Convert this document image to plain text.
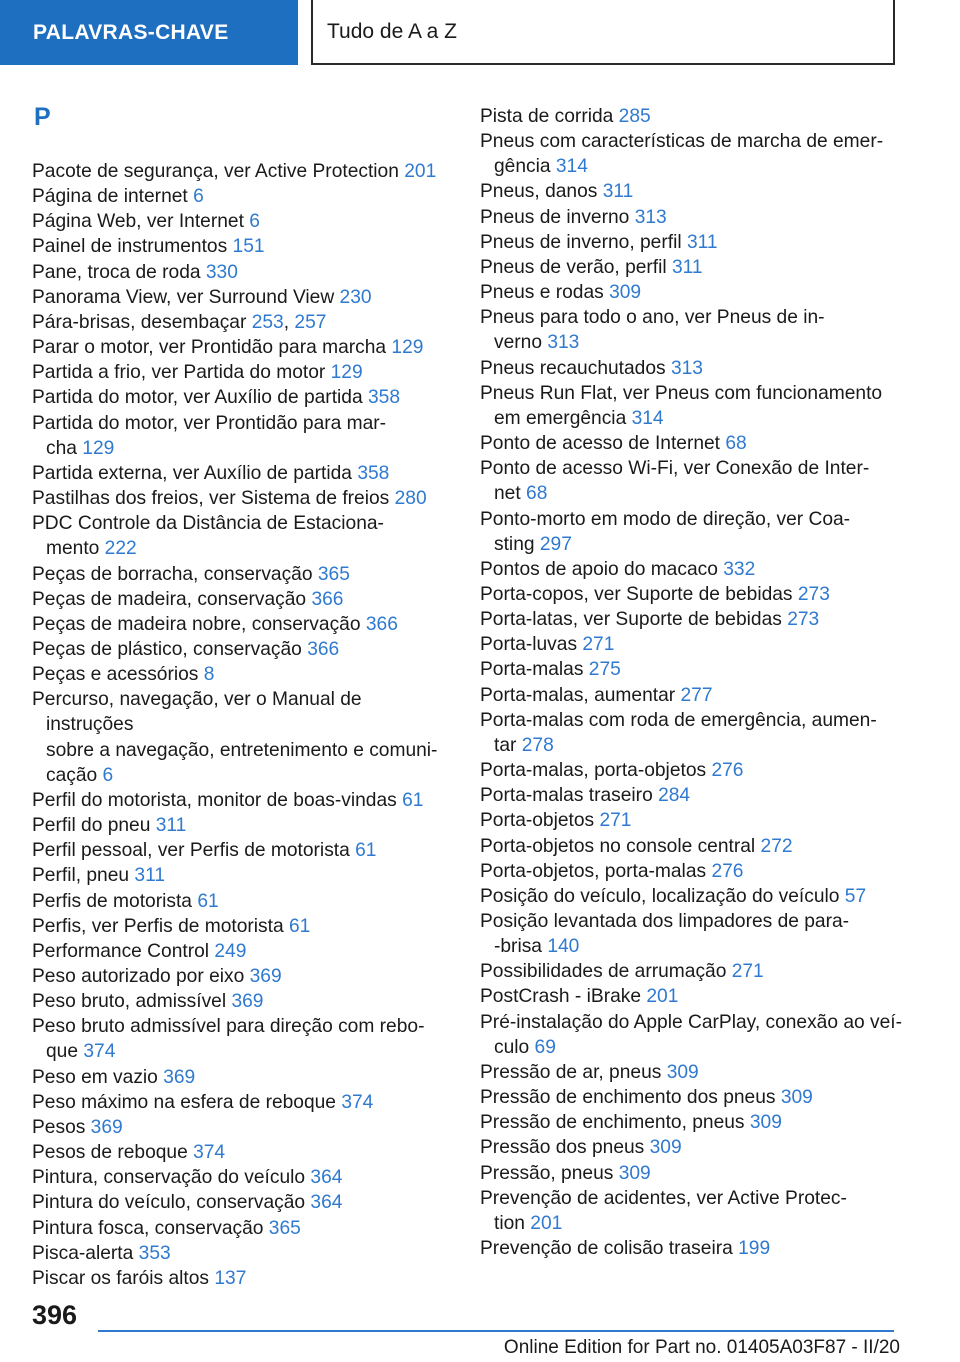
PALAVRAS-CHAVE	Tudo de A a Z
P
Pacote de segurança, ver Active Protection 201
Página de internet 6
Página Web, ver Internet 6
Painel de instrumentos 151
Pane, troca de roda 330
Panorama View, ver Surround View 230
Pára-brisas, desembaçar 253, 257
Parar o motor, ver Prontidão para marcha 129
Partida a frio, ver Partida do motor 129
Partida do motor, ver Auxílio de partida 358
Partida do motor, ver Prontidão para mar-
cha 129
Partida externa, ver Auxílio de partida 358
Pastilhas dos freios, ver Sistema de freios 280
PDC Controle da Distância de Estaciona-
mento 222
Peças de borracha, conservação 365
Peças de madeira, conservação 366
Peças de madeira nobre, conservação 366
Peças de plástico, conservação 366
Peças e acessórios 8
Percurso, navegação, ver o Manual de instruções
sobre a navegação, entretenimento e comuni-
cação 6
Perfil do motorista, monitor de boas-vindas 61
Perfil do pneu 311
Perfil pessoal, ver Perfis de motorista 61
Perfil, pneu 311
Perfis de motorista 61
Perfis, ver Perfis de motorista 61
Performance Control 249
Peso autorizado por eixo 369
Peso bruto, admissível 369
Peso bruto admissível para direção com rebo-
que 374
Peso em vazio 369
Peso máximo na esfera de reboque 374
Pesos 369
Pesos de reboque 374
Pintura, conservação do veículo 364
Pintura do veículo, conservação 364
Pintura fosca, conservação 365
Pisca-alerta 353
Piscar os faróis altos 137
Pista de corrida 285
Pneus com características de marcha de emer-
gência 314
Pneus, danos 311
Pneus de inverno 313
Pneus de inverno, perfil 311
Pneus de verão, perfil 311
Pneus e rodas 309
Pneus para todo o ano, ver Pneus de in-
verno 313
Pneus recauchutados 313
Pneus Run Flat, ver Pneus com funcionamento
em emergência 314
Ponto de acesso de Internet 68
Ponto de acesso Wi-Fi, ver Conexão de Inter-
net 68
Ponto-morto em modo de direção, ver Coa-
sting 297
Pontos de apoio do macaco 332
Porta-copos, ver Suporte de bebidas 273
Porta-latas, ver Suporte de bebidas 273
Porta-luvas 271
Porta-malas 275
Porta-malas, aumentar 277
Porta-malas com roda de emergência, aumen-
tar 278
Porta-malas, porta-objetos 276
Porta-malas traseiro 284
Porta-objetos 271
Porta-objetos no console central 272
Porta-objetos, porta-malas 276
Posição do veículo, localização do veículo 57
Posição levantada dos limpadores de para-
-brisa 140
Possibilidades de arrumação 271
PostCrash - iBrake 201
Pré-instalação do Apple CarPlay, conexão ao veí-
culo 69
Pressão de ar, pneus 309
Pressão de enchimento dos pneus 309
Pressão de enchimento, pneus 309
Pressão dos pneus 309
Pressão, pneus 309
Prevenção de acidentes, ver Active Protec-
tion 201
Prevenção de colisão traseira 199
396
Online Edition for Part no. 01405A03F87 - II/20
